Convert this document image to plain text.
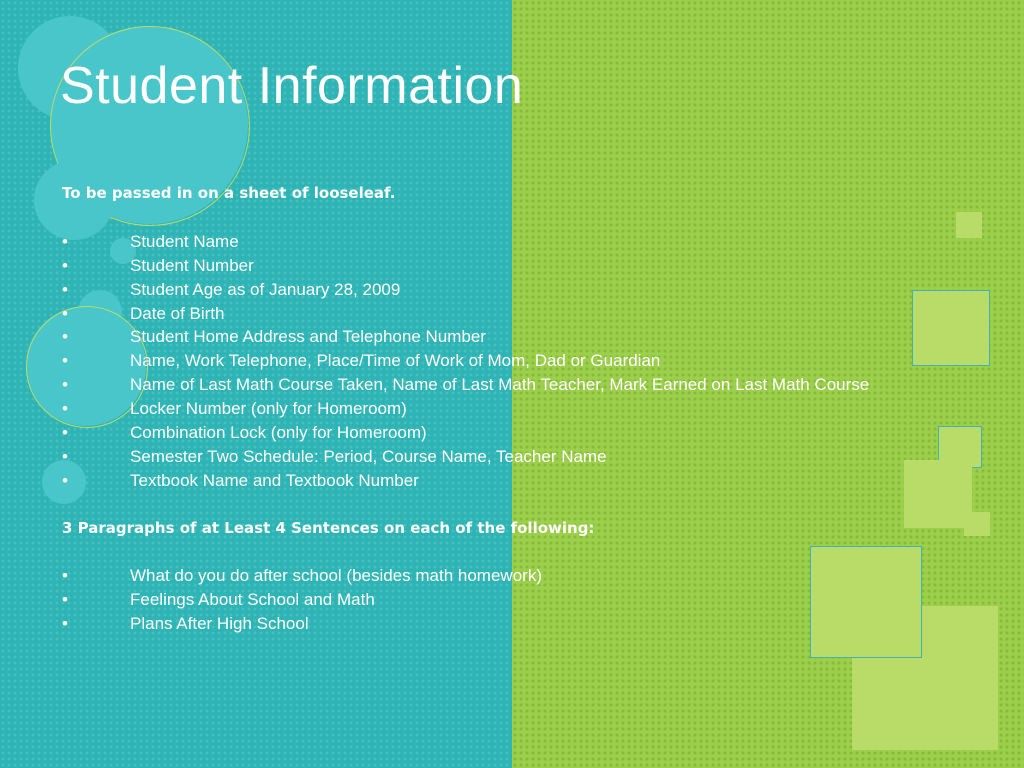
Student Information
To be passed in on a sheet of looseleaf.
•	Student Name
•	Student Number
•	Student Age as of January 28, 2009
•	Date of Birth
•	Student Home Address and Telephone Number
•	Name, Work Telephone, Place/Time of Work of Mom, Dad or Guardian
•	Name of Last Math Course Taken, Name of Last Math Teacher, Mark Earned on Last Math Course
•	Locker Number (only for Homeroom)
•	Combination Lock (only for Homeroom)
•	Semester Two Schedule: Period, Course Name, Teacher Name
•	Textbook Name and Textbook Number
3 Paragraphs of at Least 4 Sentences on each of the following:
•	What do you do after school (besides math homework)
•	Feelings About School and Math
•	Plans After High School
